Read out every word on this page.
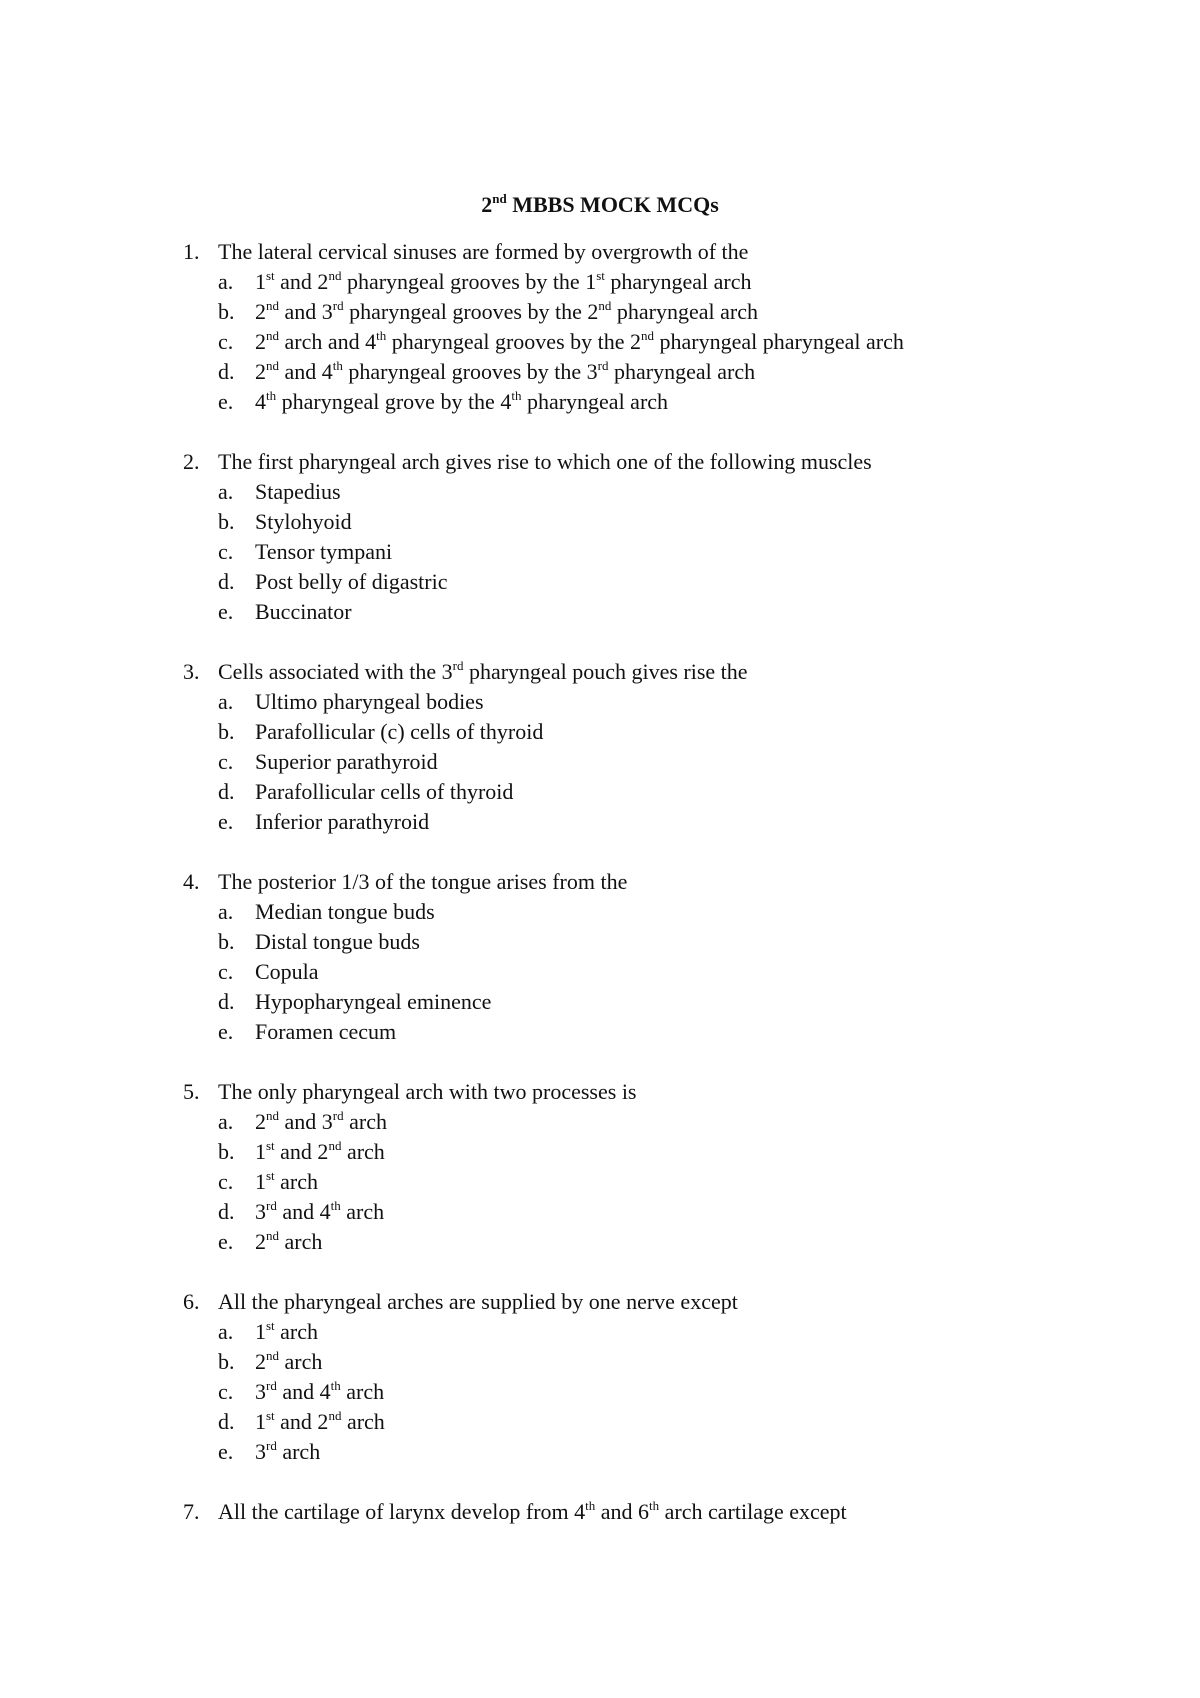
2nd MBBS MOCK MCQs
1. The lateral cervical sinuses are formed by overgrowth of the
a. 1st and 2nd pharyngeal grooves by the 1st pharyngeal arch
b. 2nd and 3rd pharyngeal grooves by the 2nd pharyngeal arch
c. 2nd arch and 4th pharyngeal grooves by the 2nd pharyngeal pharyngeal arch
d. 2nd and 4th pharyngeal grooves by the 3rd pharyngeal arch
e. 4th pharyngeal grove by the 4th pharyngeal arch
2. The first pharyngeal arch gives rise to which one of the following muscles
a. Stapedius
b. Stylohyoid
c. Tensor tympani
d. Post belly of digastric
e. Buccinator
3. Cells associated with the 3rd pharyngeal pouch gives rise the
a. Ultimo pharyngeal bodies
b. Parafollicular (c) cells of thyroid
c. Superior parathyroid
d. Parafollicular cells of thyroid
e. Inferior parathyroid
4. The posterior 1/3 of the tongue arises from the
a. Median tongue buds
b. Distal tongue buds
c. Copula
d. Hypopharyngeal eminence
e. Foramen cecum
5. The only pharyngeal arch with two processes is
a. 2nd and 3rd arch
b. 1st and 2nd arch
c. 1st arch
d. 3rd and 4th arch
e. 2nd arch
6. All the pharyngeal arches are supplied by one nerve except
a. 1st arch
b. 2nd arch
c. 3rd and 4th arch
d. 1st and 2nd arch
e. 3rd arch
7. All the cartilage of larynx develop from 4th and 6th arch cartilage except
